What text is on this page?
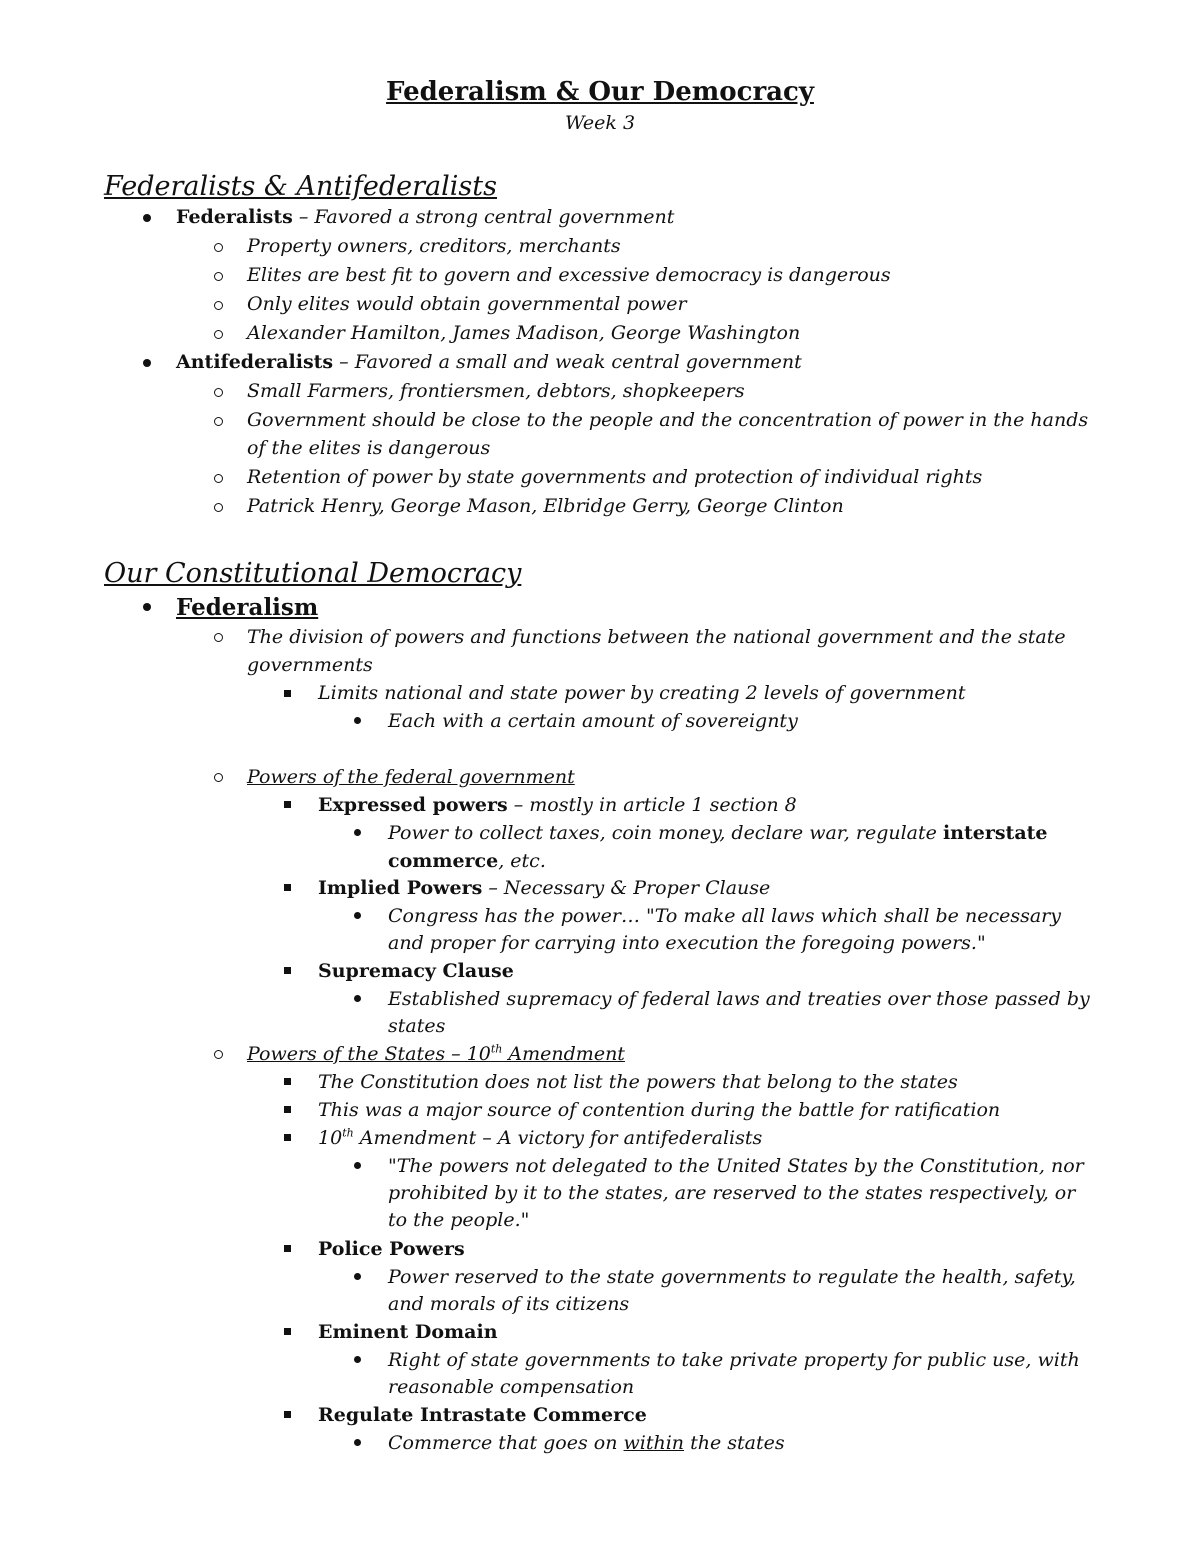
Federalism & Our Democracy
Week 3
Federalists & Antifederalists
Federalists – Favored a strong central government
Property owners, creditors, merchants
Elites are best fit to govern and excessive democracy is dangerous
Only elites would obtain governmental power
Alexander Hamilton, James Madison, George Washington
Antifederalists – Favored a small and weak central government
Small Farmers, frontiersmen, debtors, shopkeepers
Government should be close to the people and the concentration of power in the hands
of the elites is dangerous
Retention of power by state governments and protection of individual rights
Patrick Henry, George Mason, Elbridge Gerry, George Clinton
Our Constitutional Democracy
Federalism
The division of powers and functions between the national government and the state
governments
Limits national and state power by creating 2 levels of government
Each with a certain amount of sovereignty
Powers of the federal government
Expressed powers – mostly in article 1 section 8
Power to collect taxes, coin money, declare war, regulate interstate
commerce, etc.
Implied Powers – Necessary & Proper Clause
Congress has the power… "To make all laws which shall be necessary
and proper for carrying into execution the foregoing powers."
Supremacy Clause
Established supremacy of federal laws and treaties over those passed by
states
Powers of the States – 10th Amendment
The Constitution does not list the powers that belong to the states
This was a major source of contention during the battle for ratification
10th Amendment – A victory for antifederalists
"The powers not delegated to the United States by the Constitution, nor
prohibited by it to the states, are reserved to the states respectively, or
to the people."
Police Powers
Power reserved to the state governments to regulate the health, safety,
and morals of its citizens
Eminent Domain
Right of state governments to take private property for public use, with
reasonable compensation
Regulate Intrastate Commerce
Commerce that goes on within the states
